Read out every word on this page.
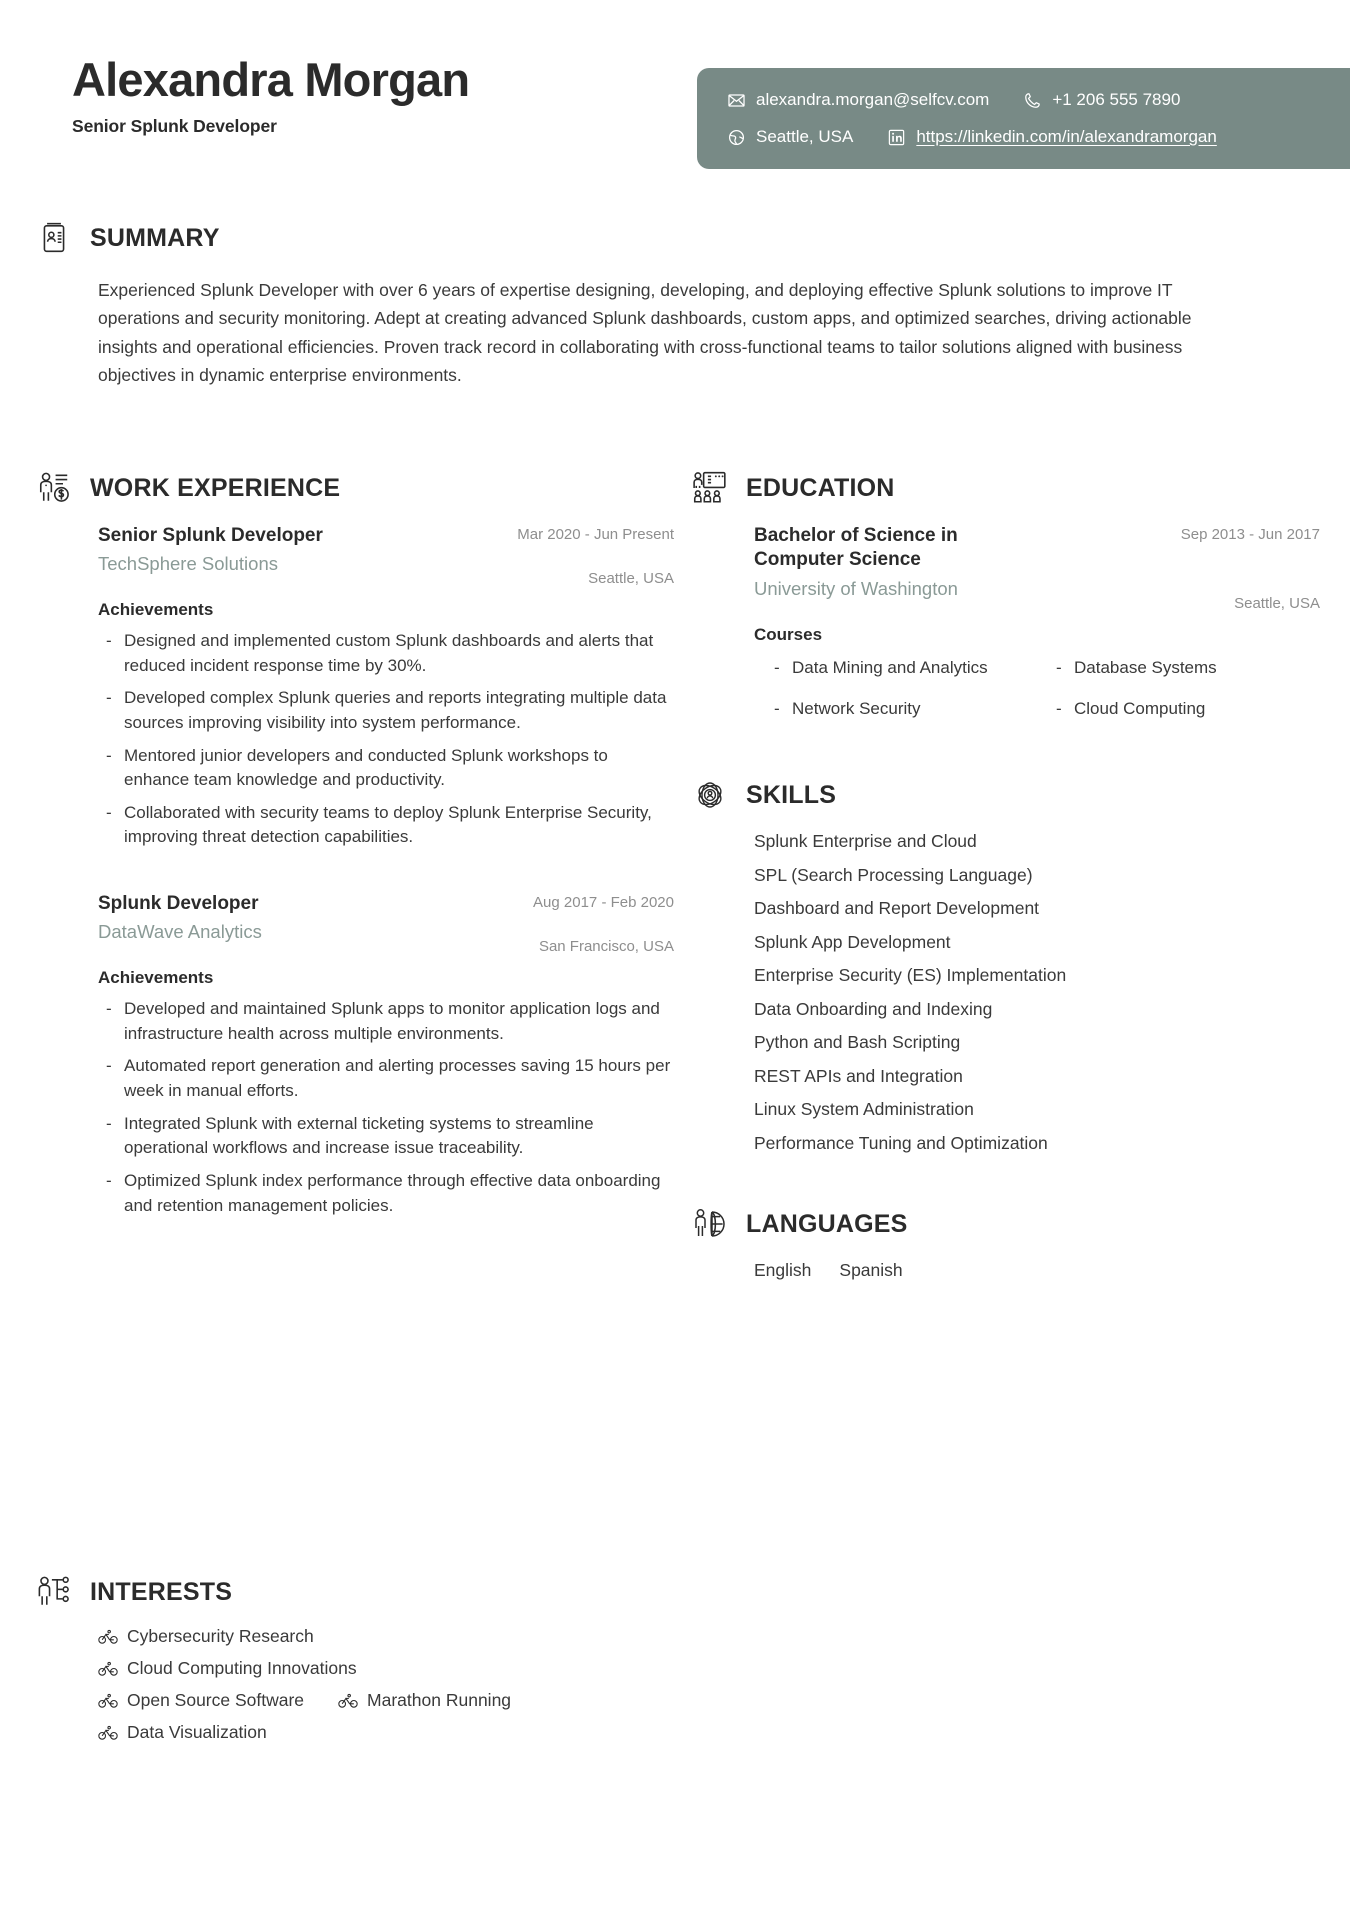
Alexandra Morgan
Senior Splunk Developer
alexandra.morgan@selfcv.com	+1 206 555 7890
Seattle, USA	https://linkedin.com/in/alexandramorgan
SUMMARY
Experienced Splunk Developer with over 6 years of expertise designing, developing, and deploying effective Splunk solutions to improve IT operations and security monitoring. Adept at creating advanced Splunk dashboards, custom apps, and optimized searches, driving actionable insights and operational efficiencies. Proven track record in collaborating with cross-functional teams to tailor solutions aligned with business objectives in dynamic enterprise environments.
WORK EXPERIENCE
Senior Splunk Developer
TechSphere Solutions
Mar 2020 - Jun Present
Seattle, USA
Achievements
- Designed and implemented custom Splunk dashboards and alerts that reduced incident response time by 30%.
- Developed complex Splunk queries and reports integrating multiple data sources improving visibility into system performance.
- Mentored junior developers and conducted Splunk workshops to enhance team knowledge and productivity.
- Collaborated with security teams to deploy Splunk Enterprise Security, improving threat detection capabilities.
Splunk Developer
DataWave Analytics
Aug 2017 - Feb 2020
San Francisco, USA
Achievements
- Developed and maintained Splunk apps to monitor application logs and infrastructure health across multiple environments.
- Automated report generation and alerting processes saving 15 hours per week in manual efforts.
- Integrated Splunk with external ticketing systems to streamline operational workflows and increase issue traceability.
- Optimized Splunk index performance through effective data onboarding and retention management policies.
EDUCATION
Bachelor of Science in Computer Science
University of Washington
Sep 2013 - Jun 2017
Seattle, USA
Courses
- Data Mining and Analytics	- Database Systems
- Network Security	- Cloud Computing
SKILLS
Splunk Enterprise and Cloud
SPL (Search Processing Language)
Dashboard and Report Development
Splunk App Development
Enterprise Security (ES) Implementation
Data Onboarding and Indexing
Python and Bash Scripting
REST APIs and Integration
Linux System Administration
Performance Tuning and Optimization
LANGUAGES
English Spanish
INTERESTS
Cybersecurity Research
Cloud Computing Innovations
Open Source Software	Marathon Running
Data Visualization
